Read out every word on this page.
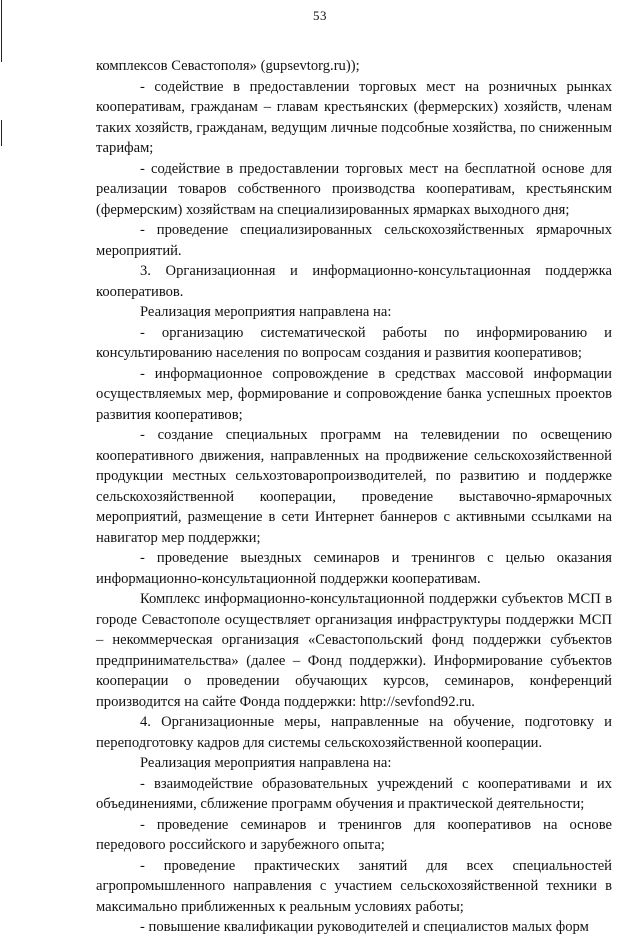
53

комплексов Севастополя» (gupsevtorg.ru));

- содействие в предоставлении торговых мест на розничных рынках кооперативам, гражданам – главам крестьянских (фермерских) хозяйств, членам таких хозяйств, гражданам, ведущим личные подсобные хозяйства, по сниженным тарифам;

- содействие в предоставлении торговых мест на бесплатной основе для реализации товаров собственного производства кооперативам, крестьянским (фермерским) хозяйствам на специализированных ярмарках выходного дня;

- проведение специализированных сельскохозяйственных ярмарочных мероприятий.

3. Организационная и информационно-консультационная поддержка кооперативов.

Реализация мероприятия направлена на:

- организацию систематической работы по информированию и консультированию населения по вопросам создания и развития кооперативов;

- информационное сопровождение в средствах массовой информации осуществляемых мер, формирование и сопровождение банка успешных проектов развития кооперативов;

- создание специальных программ на телевидении по освещению кооперативного движения, направленных на продвижение сельскохозяйственной продукции местных сельхозтоваропроизводителей, по развитию и поддержке сельскохозяйственной кооперации, проведение выставочно-ярмарочных мероприятий, размещение в сети Интернет баннеров с активными ссылками на навигатор мер поддержки;

- проведение выездных семинаров и тренингов с целью оказания информационно-консультационной поддержки кооперативам.

Комплекс информационно-консультационной поддержки субъектов МСП в городе Севастополе осуществляет организация инфраструктуры поддержки МСП – некоммерческая организация «Севастопольский фонд поддержки субъектов предпринимательства» (далее – Фонд поддержки). Информирование субъектов кооперации о проведении обучающих курсов, семинаров, конференций производится на сайте Фонда поддержки: http://sevfond92.ru.

4. Организационные меры, направленные на обучение, подготовку и переподготовку кадров для системы сельскохозяйственной кооперации.

Реализация мероприятия направлена на:

- взаимодействие образовательных учреждений с кооперативами и их объединениями, сближение программ обучения и практической деятельности;

- проведение семинаров и тренингов для кооперативов на основе передового российского и зарубежного опыта;

- проведение практических занятий для всех специальностей агропромышленного направления с участием сельскохозяйственной техники в максимально приближенных к реальным условиях работы;

- повышение квалификации руководителей и специалистов малых форм
